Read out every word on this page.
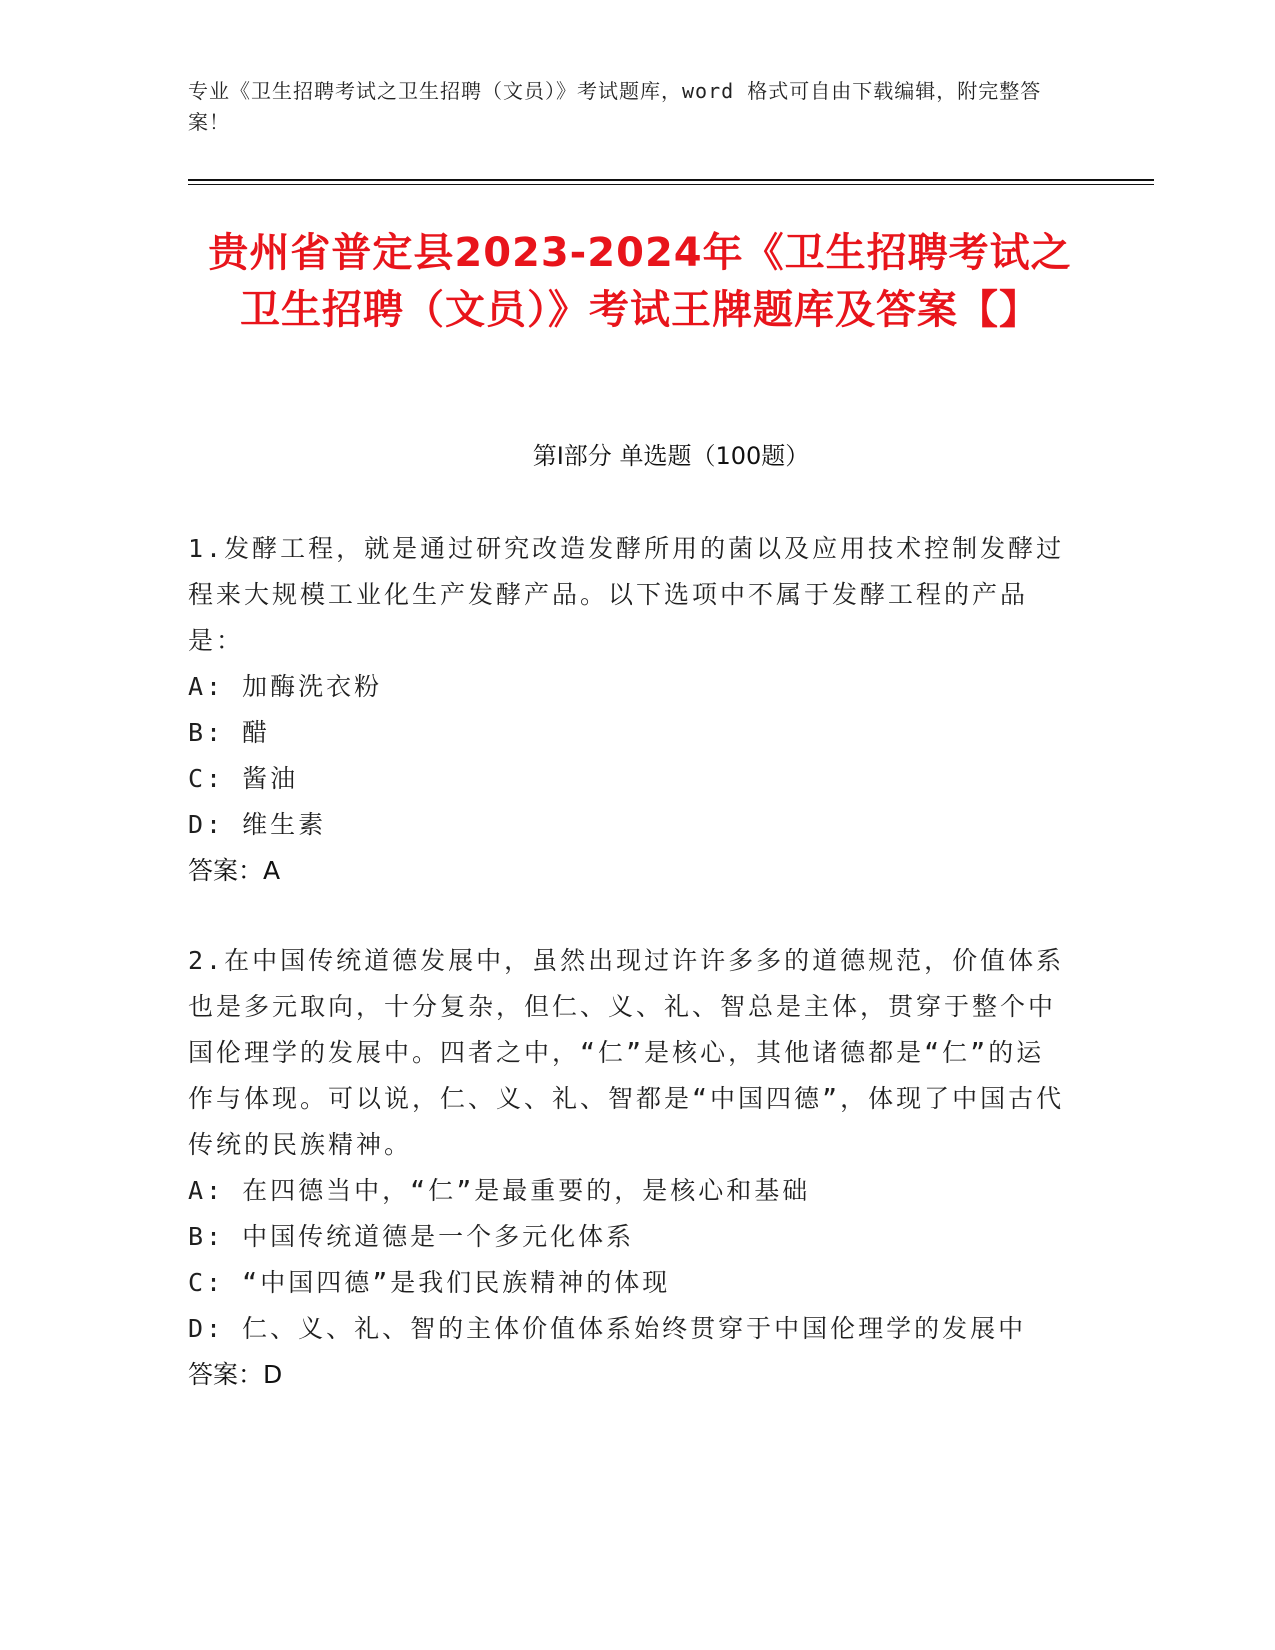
专业《卫生招聘考试之卫生招聘（文员）》考试题库，word 格式可自由下载编辑，附完整答案！
贵州省普定县2023-2024年《卫生招聘考试之卫生招聘（文员）》考试王牌题库及答案【】
第I部分 单选题（100题）
1.发酵工程，就是通过研究改造发酵所用的菌以及应用技术控制发酵过程来大规模工业化生产发酵产品。以下选项中不属于发酵工程的产品是：
A: 加酶洗衣粉
B: 醋
C: 酱油
D: 维生素
答案：A
2.在中国传统道德发展中，虽然出现过许许多多的道德规范，价值体系也是多元取向，十分复杂，但仁、义、礼、智总是主体，贯穿于整个中国伦理学的发展中。四者之中，“仁”是核心，其他诸德都是“仁”的运作与体现。可以说，仁、义、礼、智都是“中国四德”，体现了中国古代传统的民族精神。
A: 在四德当中，“仁”是最重要的，是核心和基础
B: 中国传统道德是一个多元化体系
C: “中国四德”是我们民族精神的体现
D: 仁、义、礼、智的主体价值体系始终贯穿于中国伦理学的发展中
答案：D
